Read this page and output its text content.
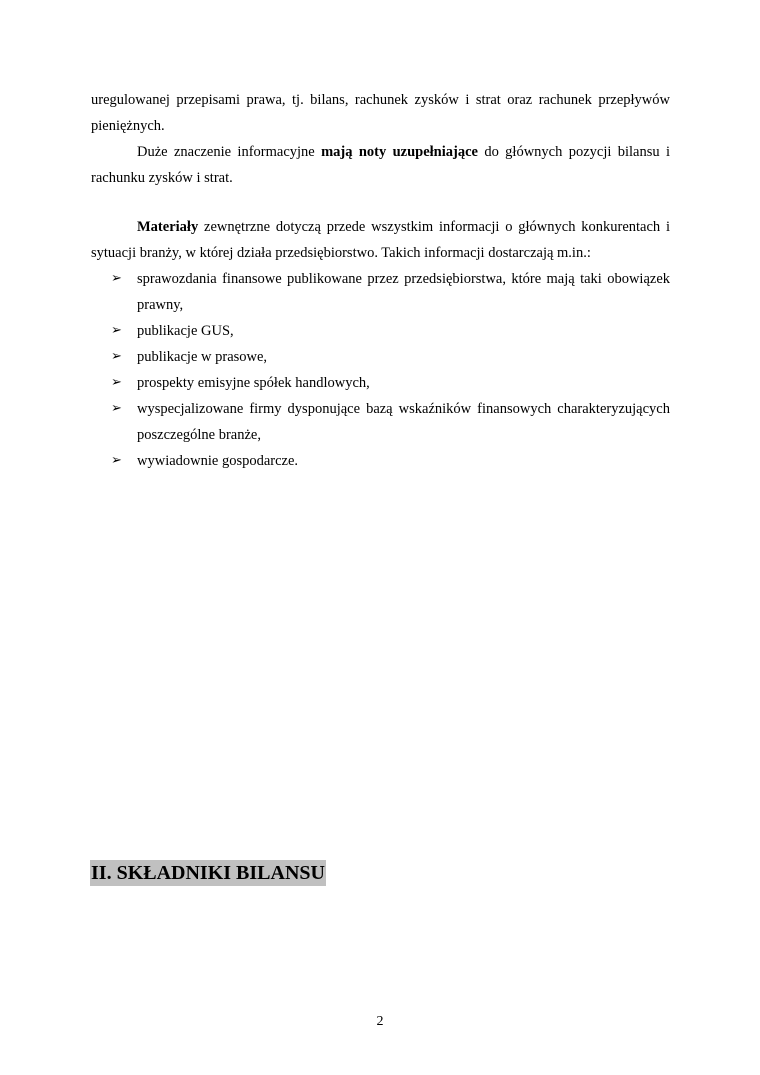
uregulowanej przepisami prawa, tj. bilans, rachunek zysków i strat oraz rachunek przepływów pieniężnych.

Duże znaczenie informacyjne mają noty uzupełniające do głównych pozycji bilansu i rachunku zysków i strat.

Materiały zewnętrzne dotyczą przede wszystkim informacji o głównych konkurentach i sytuacji branży, w której działa przedsiębiorstwo. Takich informacji dostarczają m.in.:

➢ sprawozdania finansowe publikowane przez przedsiębiorstwa, które mają taki obowiązek prawny,
➢ publikacje GUS,
➢ publikacje w prasowe,
➢ prospekty emisyjne spółek handlowych,
➢ wyspecjalizowane firmy dysponujące bazą wskaźników finansowych charakteryzujących poszczególne branże,
➢ wywiadownie gospodarcze.
II. SKŁADNIKI BILANSU
2
